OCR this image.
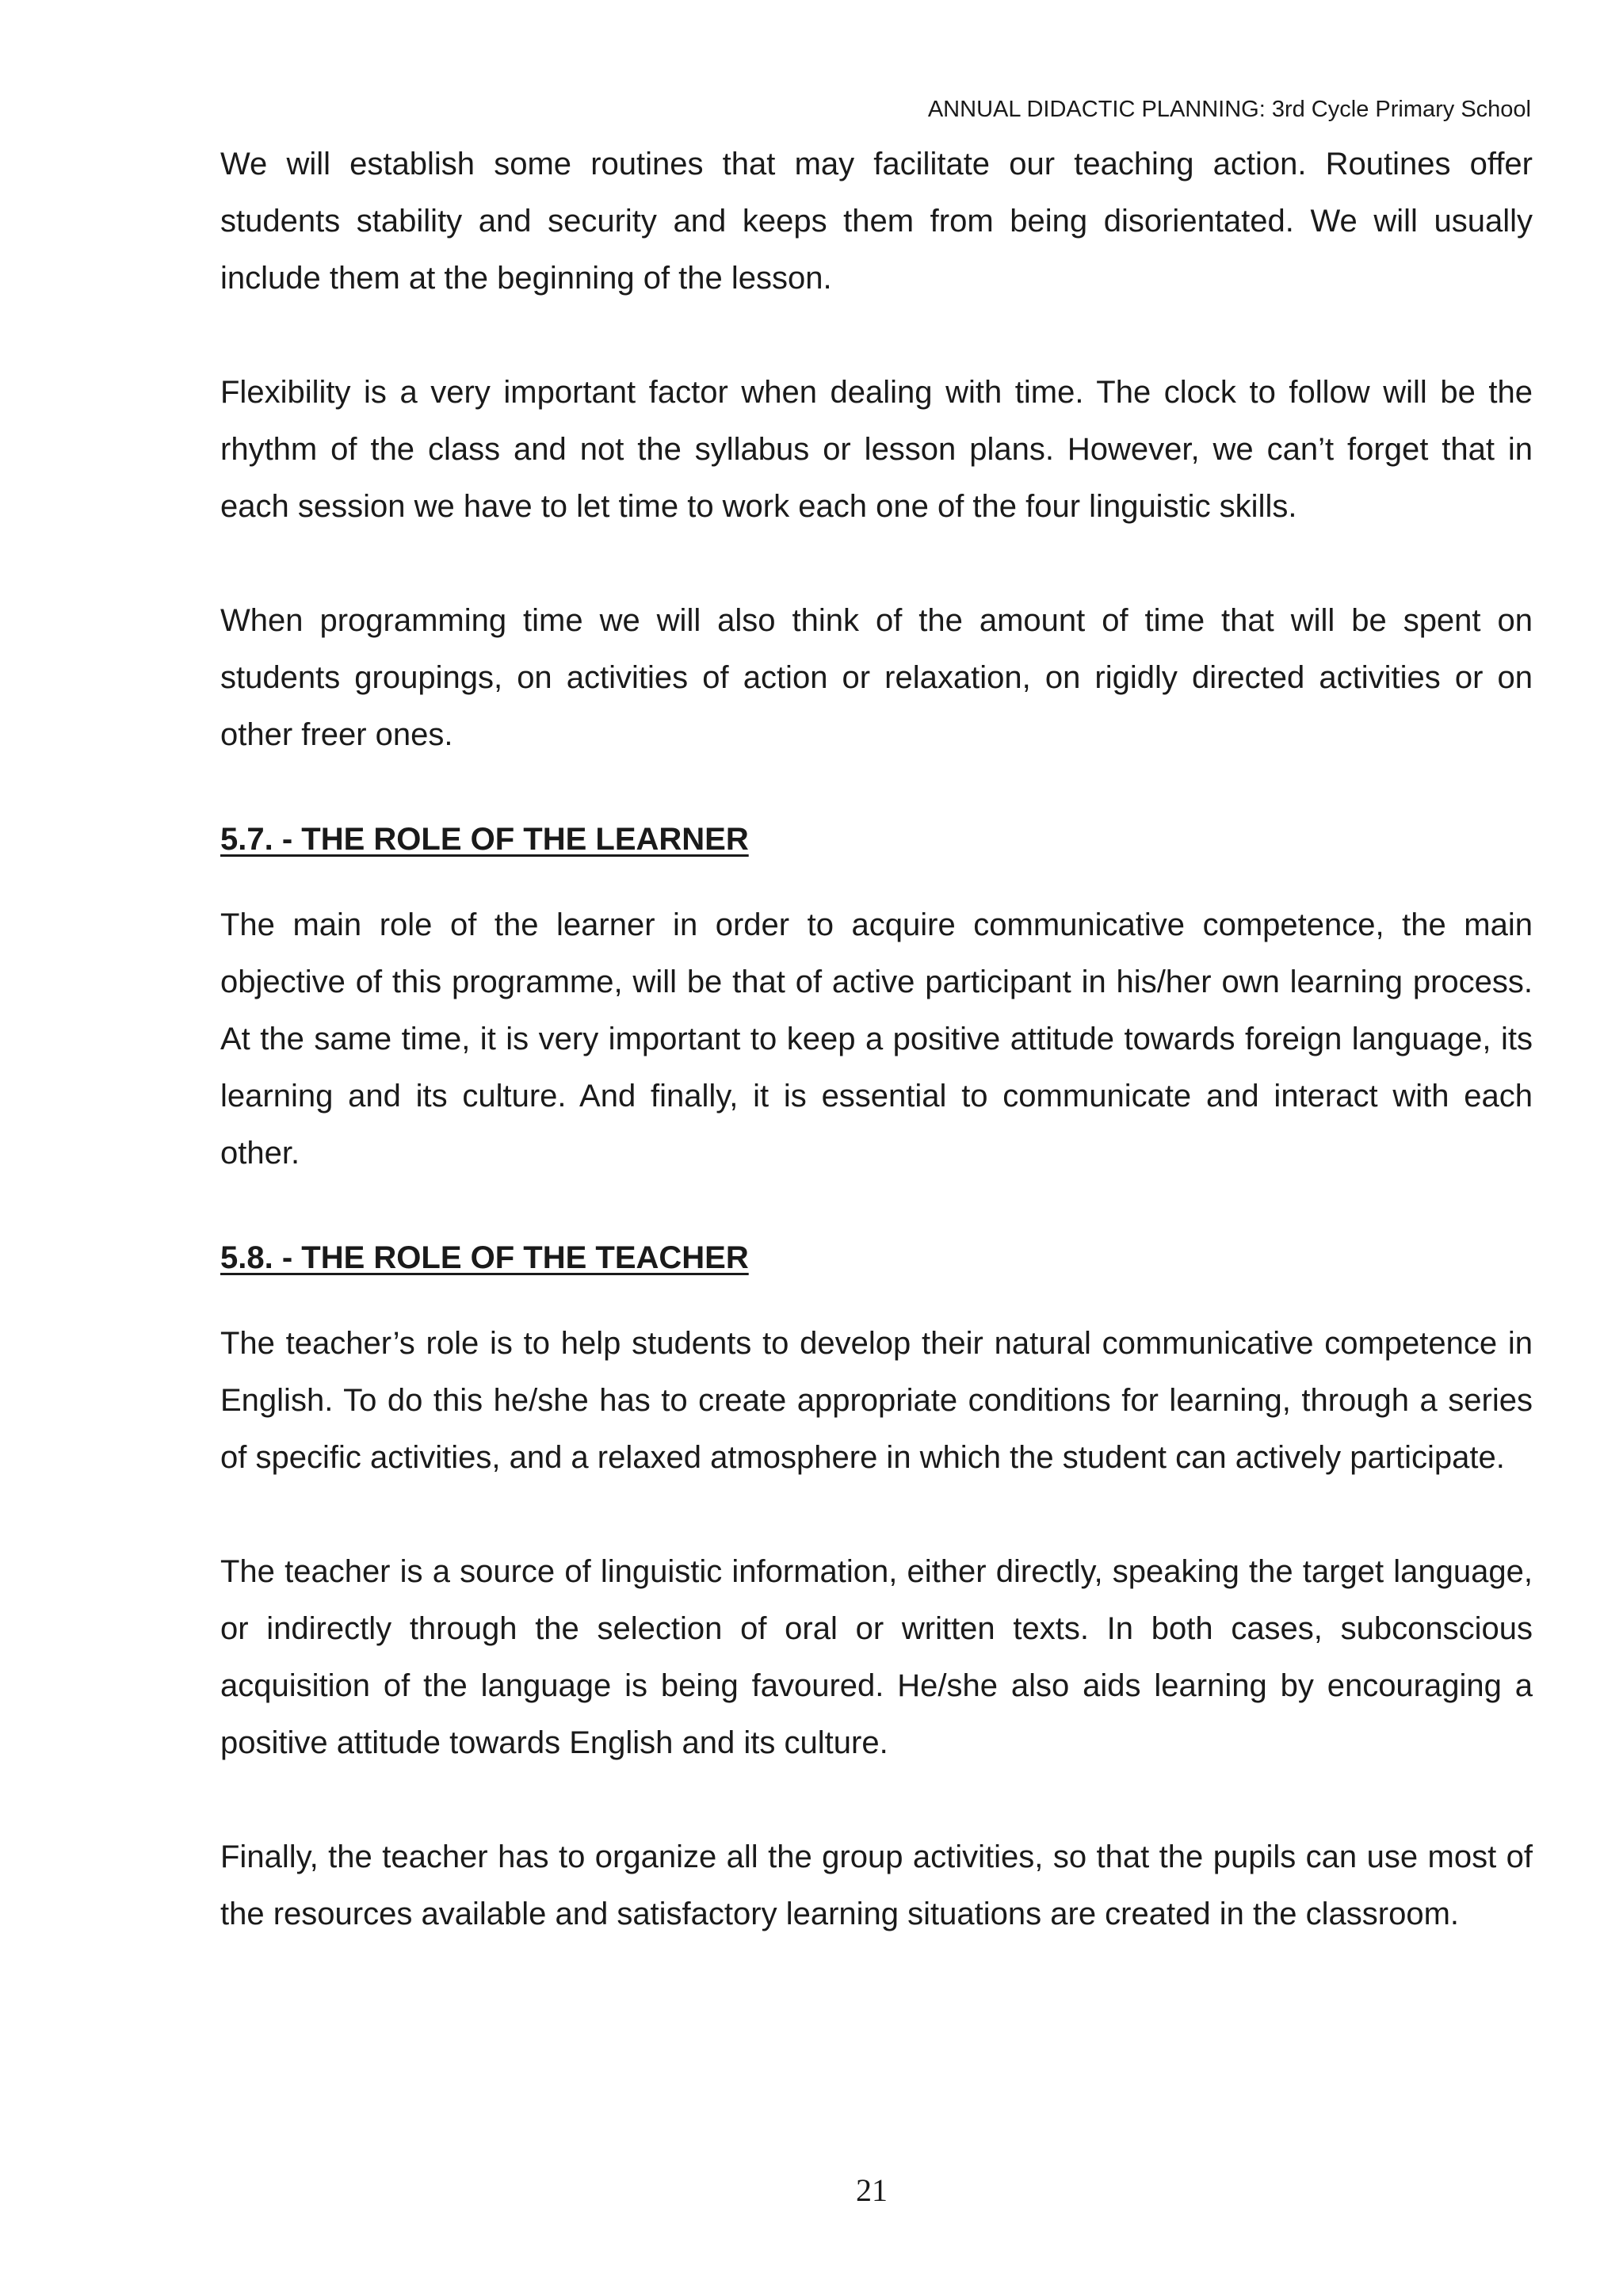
ANNUAL DIDACTIC PLANNING: 3rd Cycle Primary School

We will establish some routines that may facilitate our teaching action. Routines offer students stability and security and keeps them from being disorientated. We will usually include them at the beginning of the lesson.

Flexibility is a very important factor when dealing with time. The clock to follow will be the rhythm of the class and not the syllabus or lesson plans. However, we can’t forget that in each session we have to let time to work each one of the four linguistic skills.

When programming time we will also think of the amount of time that will be spent on students groupings, on activities of action or relaxation, on rigidly directed activities or on other freer ones.

5.7. - THE ROLE OF THE LEARNER

The main role of the learner in order to acquire communicative competence, the main objective of this programme, will be that of active participant in his/her own learning process. At the same time, it is very important to keep a positive attitude towards foreign language, its learning and its culture. And finally, it is essential to communicate and interact with each other.

5.8. - THE ROLE OF THE TEACHER

The teacher’s role is to help students to develop their natural communicative competence in English. To do this he/she has to create appropriate conditions for learning, through a series of specific activities, and a relaxed atmosphere in which the student can actively participate.

The teacher is a source of linguistic information, either directly, speaking the target language, or indirectly through the selection of oral or written texts. In both cases, subconscious acquisition of the language is being favoured. He/she also aids learning by encouraging a positive attitude towards English and its culture.

Finally, the teacher has to organize all the group activities, so that the pupils can use most of the resources available and satisfactory learning situations are created in the classroom.

21
